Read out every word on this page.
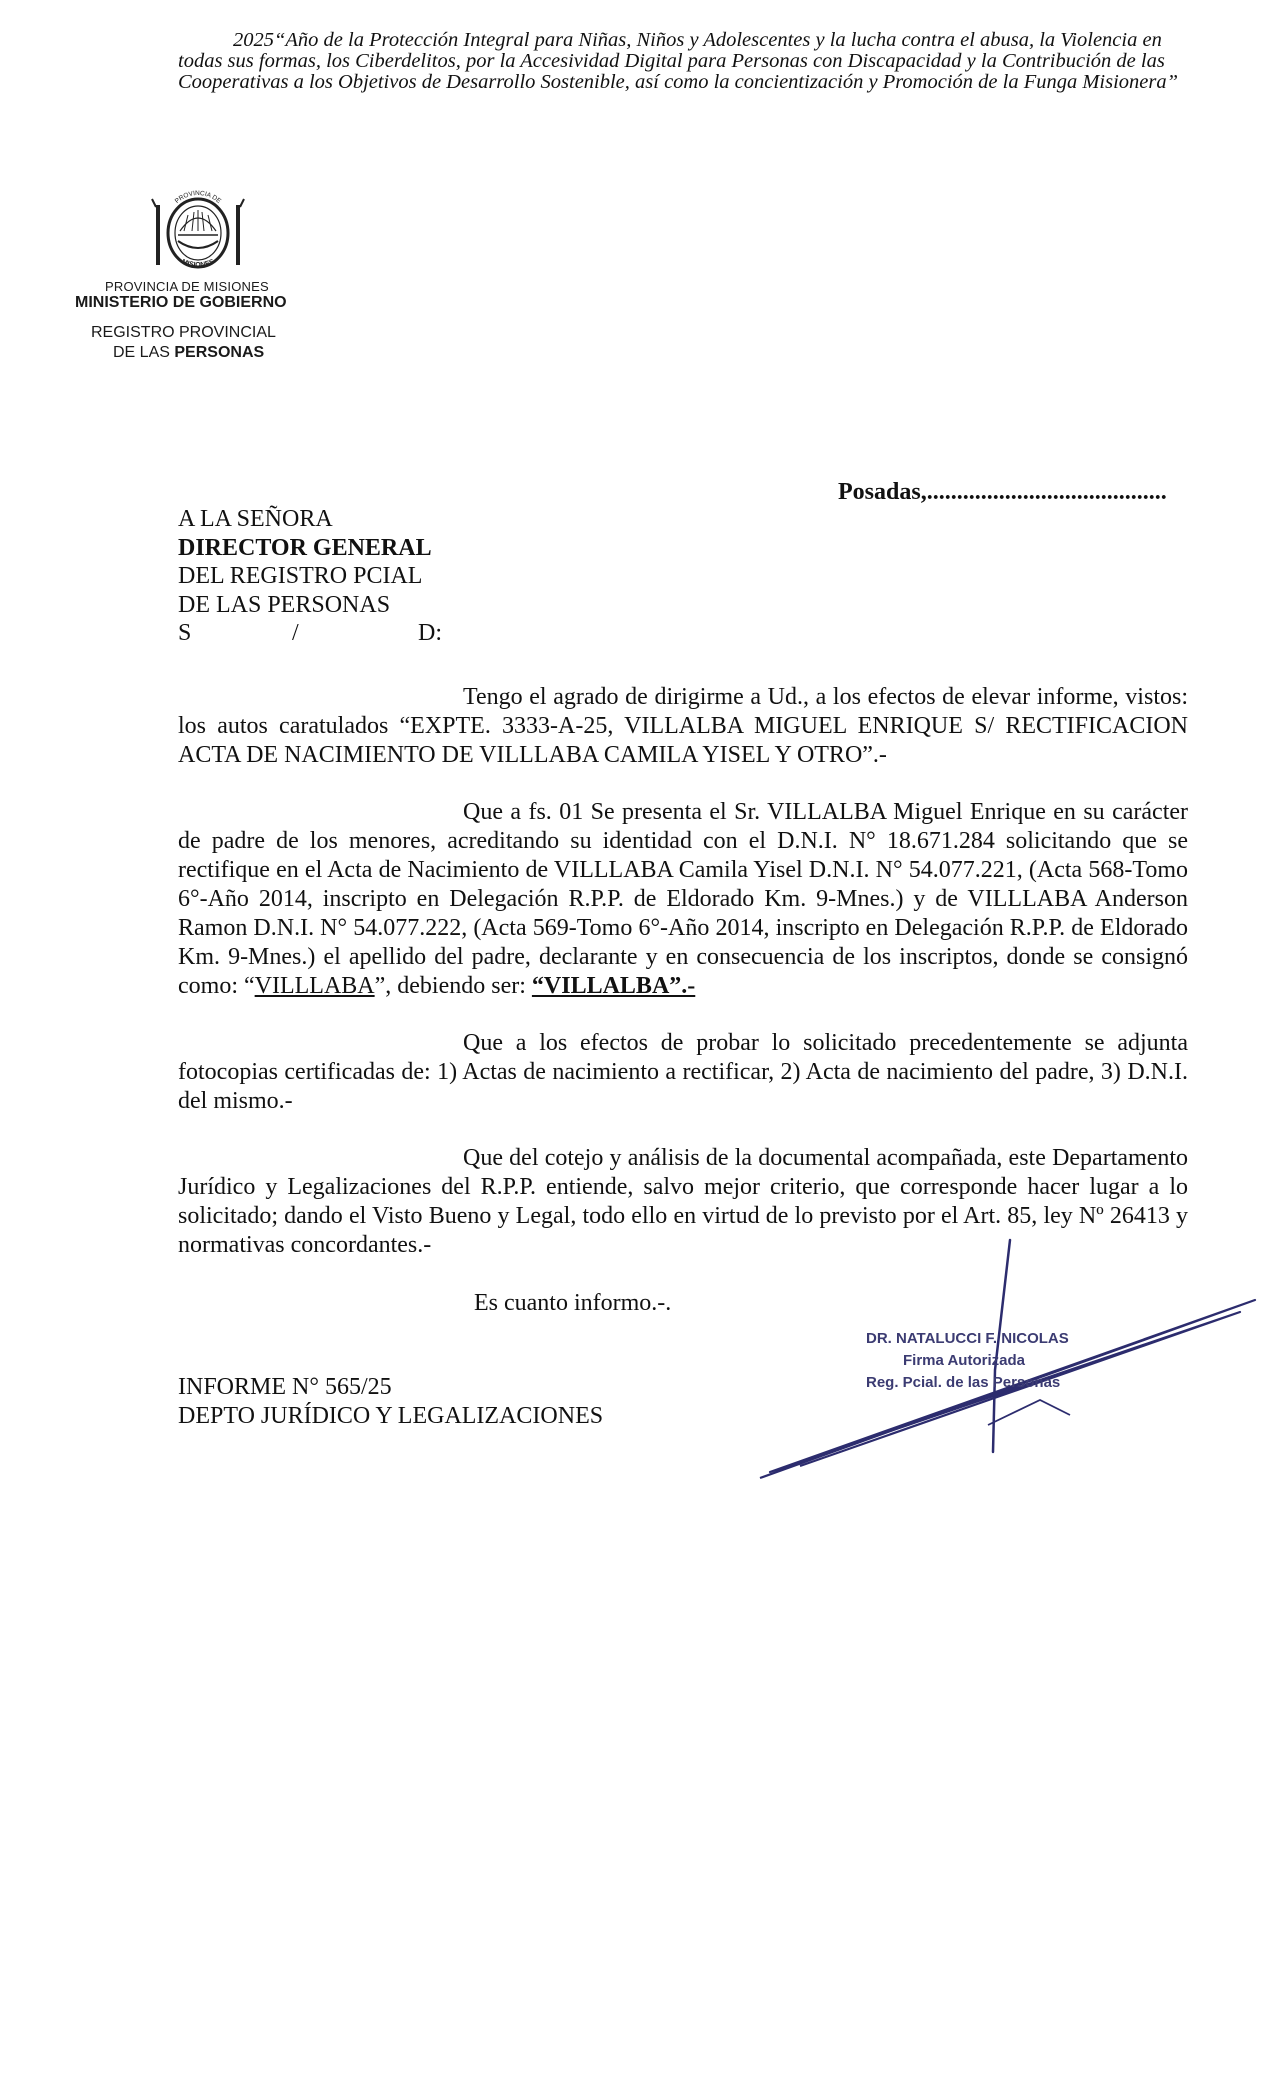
2025“Año de la Protección Integral para Niñas, Niños y Adolescentes y la lucha contra el abusa, la Violencia en todas sus formas, los Ciberdelitos, por la Accesividad Digital para Personas con Discapacidad y la Contribución de las Cooperativas a los Objetivos de Desarrollo Sostenible, así como la concientización y Promoción de la Funga Misionera”
PROVINCIA DE
MISIONES
PROVINCIA DE MISIONES
MINISTERIO DE GOBIERNO
REGISTRO PROVINCIAL
DE LAS PERSONAS
Posadas,........................................
A LA SEÑORA
DIRECTOR GENERAL
DEL REGISTRO PCIAL
DE LAS PERSONAS
S	/	D:
Tengo el agrado de dirigirme a Ud., a los efectos de elevar informe, vistos: los autos caratulados “EXPTE. 3333-A-25, VILLALBA MIGUEL ENRIQUE S/ RECTIFICACION ACTA DE NACIMIENTO DE VILLLABA CAMILA YISEL Y OTRO”.-
Que a fs. 01 Se presenta el Sr. VILLALBA Miguel Enrique en su carácter de padre de los menores, acreditando su identidad con el D.N.I. N° 18.671.284 solicitando que se rectifique en el Acta de Nacimiento de VILLLABA Camila Yisel D.N.I. N° 54.077.221, (Acta 568-Tomo 6°-Año 2014, inscripto en Delegación R.P.P. de Eldorado Km. 9-Mnes.) y de VILLLABA Anderson Ramon D.N.I. N° 54.077.222, (Acta 569-Tomo 6°-Año 2014, inscripto en Delegación R.P.P. de Eldorado Km. 9-Mnes.) el apellido del padre, declarante y en consecuencia de los inscriptos, donde se consignó como: “VILLLABA”, debiendo ser: “VILLALBA”.-
Que a los efectos de probar lo solicitado precedentemente se adjunta fotocopias certificadas de: 1) Actas de nacimiento a rectificar, 2) Acta de nacimiento del padre, 3) D.N.I. del mismo.-
Que del cotejo y análisis de la documental acompañada, este Departamento Jurídico y Legalizaciones del R.P.P. entiende, salvo mejor criterio, que corresponde hacer lugar a lo solicitado; dando el Visto Bueno y Legal, todo ello en virtud de lo previsto por el Art. 85, ley Nº 26413 y normativas concordantes.-
Es cuanto informo.-.
INFORME N° 565/25
DEPTO JURÍDICO Y LEGALIZACIONES
DR. NATALUCCI F. NICOLAS
Firma Autorizada
Reg. Pcial. de las Personas
